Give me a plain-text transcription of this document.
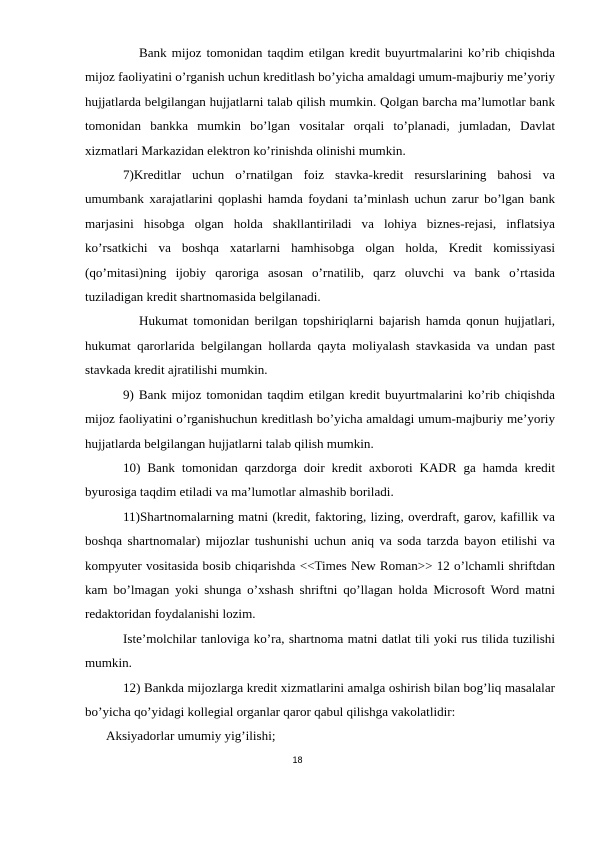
Bank mijoz tomonidan taqdim etilgan kredit buyurtmalarini ko’rib chiqishda mijoz faoliyatini o’rganish uchun kreditlash bo’yicha amaldagi umum-majburiy me’yoriy hujjatlarda belgilangan hujjatlarni talab qilish mumkin. Qolgan barcha ma’lumotlar bank tomonidan bankka mumkin bo’lgan vositalar orqali to’planadi, jumladan, Davlat xizmatlari Markazidan elektron ko’rinishda olinishi mumkin.

7)Kreditlar uchun o’rnatilgan foiz stavka-kredit resurslarining bahosi va umumbank xarajatlarini qoplashi hamda foydani ta’minlash uchun zarur bo’lgan bank marjasini hisobga olgan holda shakllantiriladi va lohiya biznes-rejasi, inflatsiya ko’rsatkichi va boshqa xatarlarni hamhisobga olgan holda, Kredit komissiyasi (qo’mitasi)ning ijobiy qaroriga asosan o’rnatilib, qarz oluvchi va bank o’rtasida tuziladigan kredit shartnomasida belgilanadi.

Hukumat tomonidan berilgan topshiriqlarni bajarish hamda qonun hujjatlari, hukumat qarorlarida belgilangan hollarda qayta moliyalash stavkasida va undan past stavkada kredit ajratilishi mumkin.

9) Bank mijoz tomonidan taqdim etilgan kredit buyurtmalarini ko’rib chiqishda mijoz faoliyatini o’rganishuchun kreditlash bo’yicha amaldagi umum-majburiy me’yoriy hujjatlarda belgilangan hujjatlarni talab qilish mumkin.

10) Bank tomonidan qarzdorga doir kredit axboroti KADR ga hamda kredit byurosiga taqdim etiladi va ma’lumotlar almashib boriladi.

11)Shartnomalarning matni (kredit, faktoring, lizing, overdraft, garov, kafillik va boshqa shartnomalar) mijozlar tushunishi uchun aniq va soda tarzda bayon etilishi va kompyuter vositasida bosib chiqarishda <<Times New Roman>> 12 o’lchamli shriftdan kam bo’lmagan yoki shunga o’xshash shriftni qo’llagan holda Microsoft Word matni redaktoridan foydalanishi lozim.

Iste’molchilar tanloviga ko’ra, shartnoma matni datlat tili yoki rus tilida tuzilishi mumkin.

12) Bankda mijozlarga kredit xizmatlarini amalga oshirish bilan bog’liq masalalar bo’yicha qo’yidagi kollegial organlar qaror qabul qilishga vakolatlidir:

Aksiyadorlar umumiy yig’ilishi;

18
